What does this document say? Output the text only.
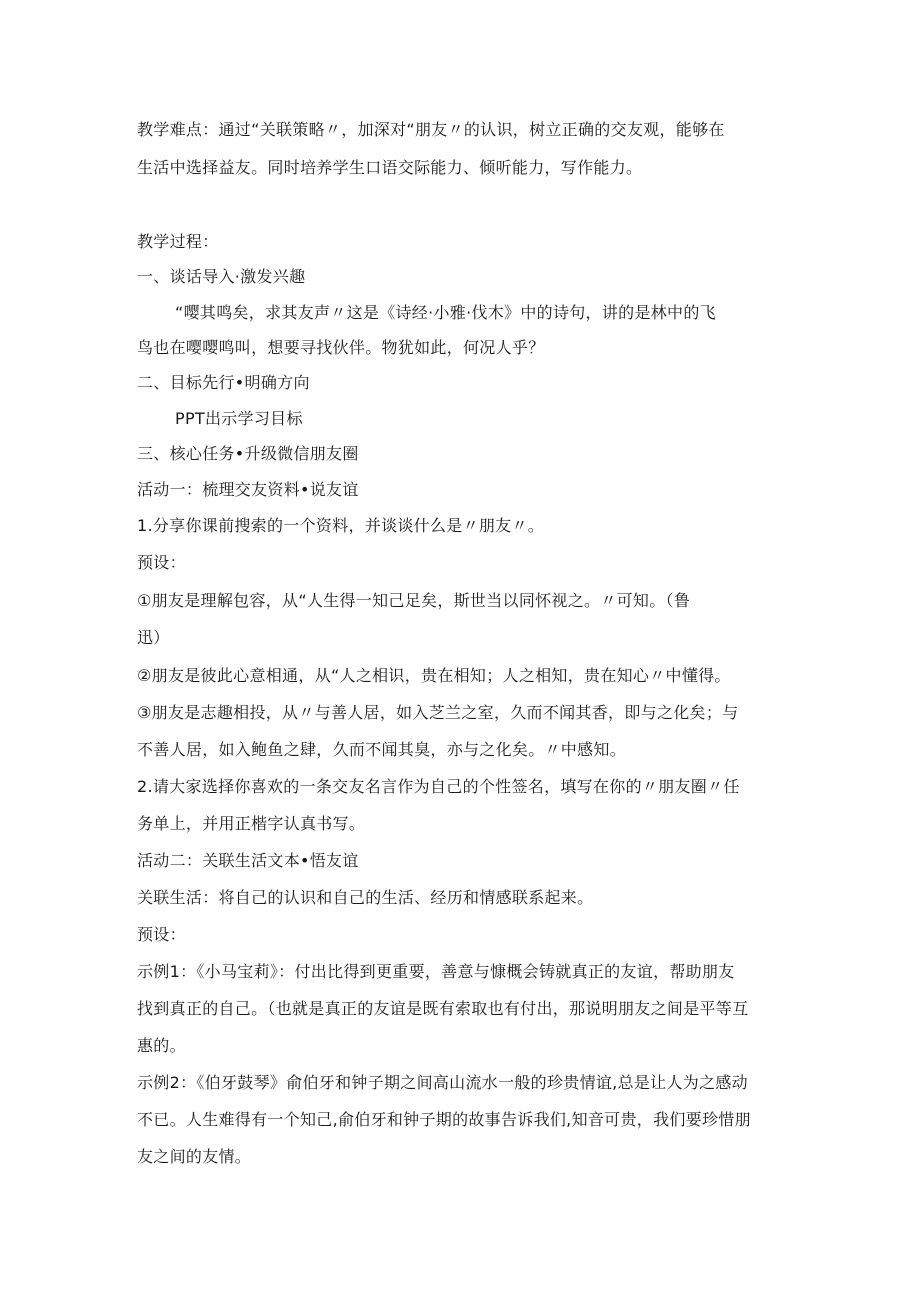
教学难点：通过“关联策略〃，加深对“朋友〃的认识，树立正确的交友观，能够在
生活中选择益友。同时培养学生口语交际能力、倾听能力，写作能力。
教学过程：
一、谈话导入·激发兴趣
“嘤其鸣矣，求其友声〃这是《诗经·小雅·伐木》中的诗句，讲的是林中的飞
鸟也在嘤嘤鸣叫，想要寻找伙伴。物犹如此，何况人乎？
二、目标先行•明确方向
PPT出示学习目标
三、核心任务•升级微信朋友圈
活动一：梳理交友资料•说友谊
1.分享你课前搜索的一个资料，并谈谈什么是〃朋友〃。
预设：
①朋友是理解包容，从“人生得一知己足矣，斯世当以同怀视之。〃可知。（鲁
迅）
②朋友是彼此心意相通，从“人之相识，贵在相知；人之相知，贵在知心〃中懂得。
③朋友是志趣相投，从〃与善人居，如入芝兰之室，久而不闻其香，即与之化矣；与
不善人居，如入鲍鱼之肆，久而不闻其臭，亦与之化矣。〃中感知。
2.请大家选择你喜欢的一条交友名言作为自己的个性签名，填写在你的〃朋友圈〃任
务单上，并用正楷字认真书写。
活动二：关联生活文本•悟友谊
关联生活：将自己的认识和自己的生活、经历和情感联系起来。
预设：
示例1：《小马宝莉》：付出比得到更重要，善意与慷概会铸就真正的友谊，帮助朋友
找到真正的自己。（也就是真正的友谊是既有索取也有付出，那说明朋友之间是平等互
惠的。
示例2：《伯牙鼓琴》俞伯牙和钟子期之间高山流水一般的珍贵情谊,总是让人为之感动
不已。人生难得有一个知己,俞伯牙和钟子期的故事告诉我们,知音可贵，我们要珍惜朋
友之间的友情。
